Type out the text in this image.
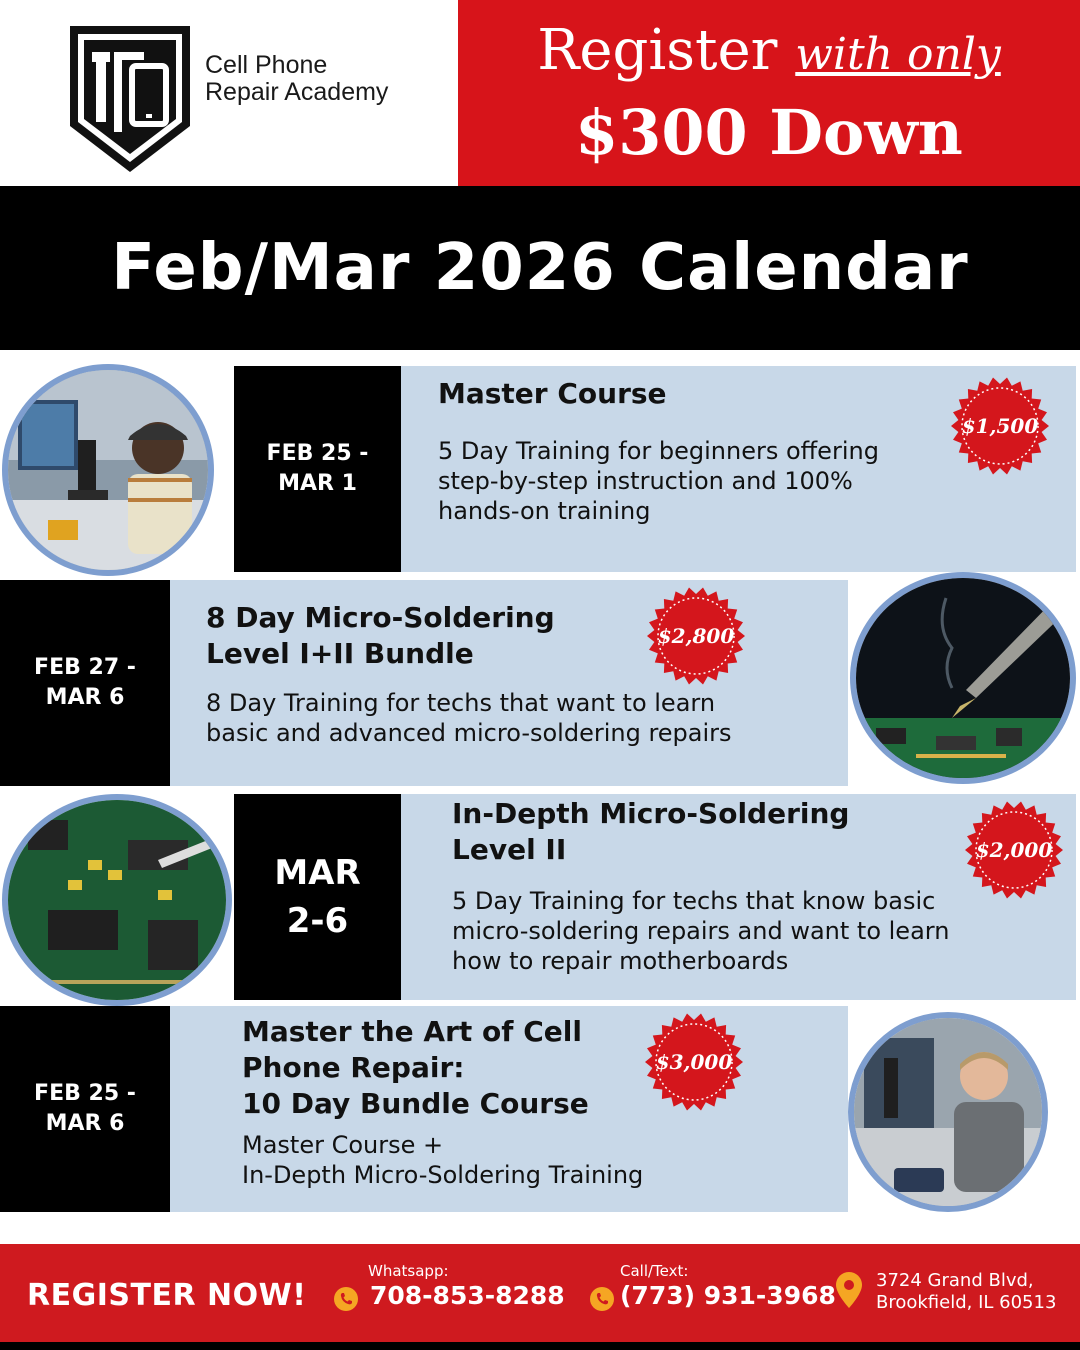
Cell Phone
Repair Academy
Register with only
$300 Down
Feb/Mar 2026 Calendar
FEB 25 -
MAR 1
Master Course
5 Day Training for beginners offering
step-by-step instruction and 100%
hands-on training
$1,500
FEB 27 -
MAR 6
8 Day Micro-Soldering
Level I+II Bundle
8 Day Training for techs that want to learn
basic and advanced micro-soldering repairs
$2,800
MAR
2-6
In-Depth Micro-Soldering
Level II
5 Day Training for techs that know basic
micro-soldering repairs and want to learn
how to repair motherboards
$2,000
FEB 25 -
MAR 6
Master the Art of Cell
Phone Repair:
10 Day Bundle Course
Master Course +
In-Depth Micro-Soldering Training
$3,000
REGISTER NOW!
Whatsapp:
708-853-8288
Call/Text:
(773) 931-3968
3724 Grand Blvd,
Brookfield, IL 60513
